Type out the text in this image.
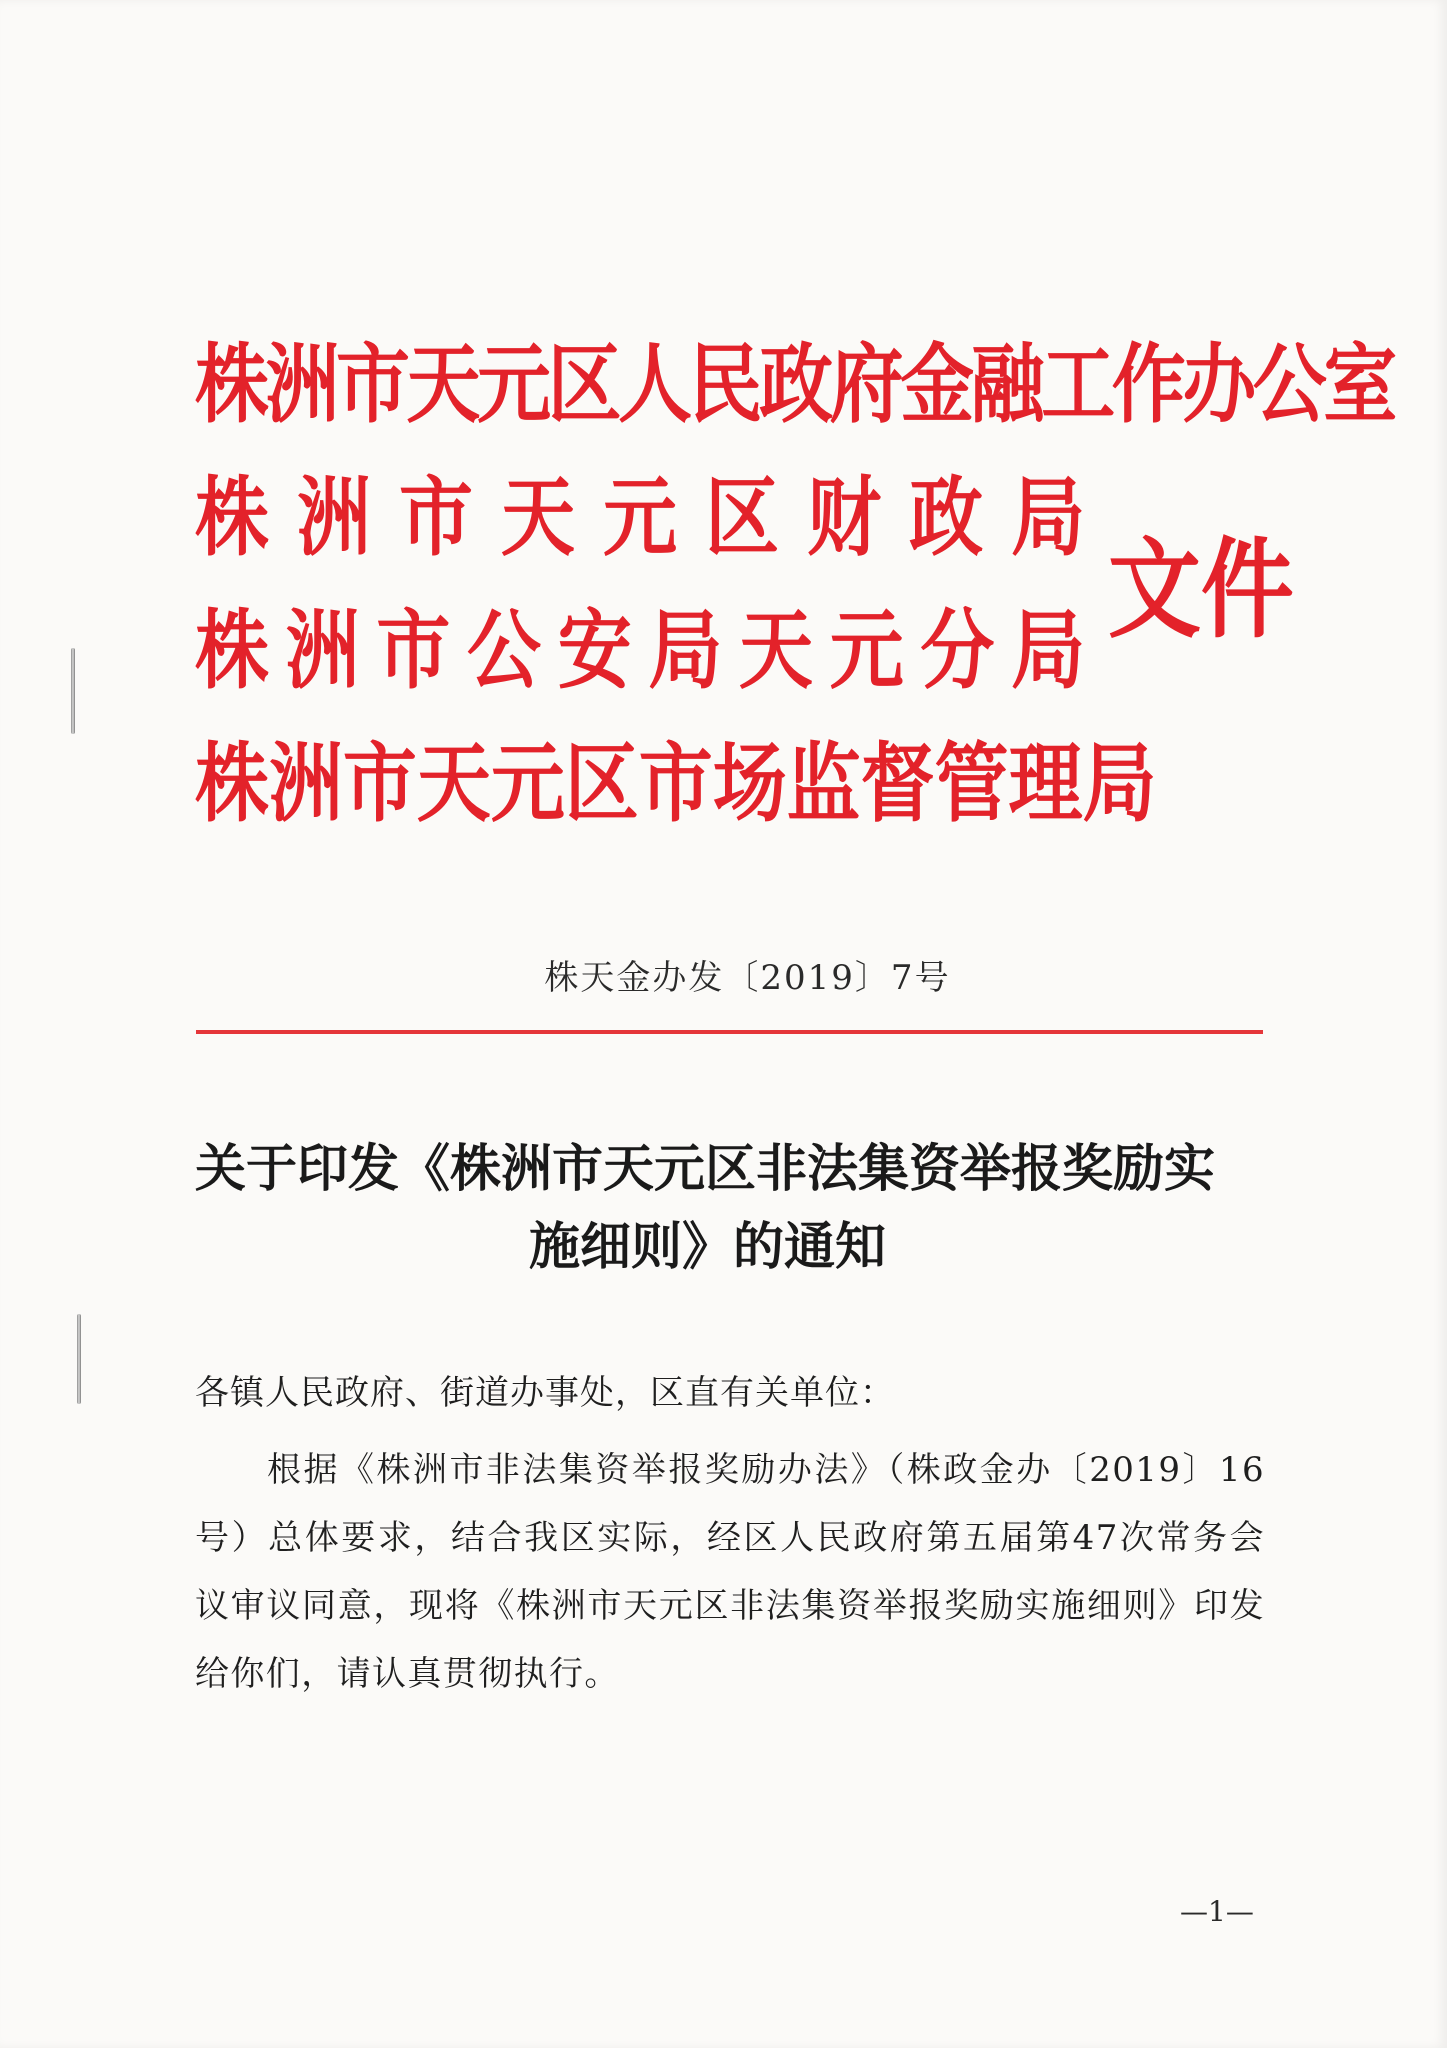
株洲市天元区人民政府金融工作办公室
株 洲 市 天 元 区 财 政 局
株 洲 市 公 安 局 天 元 分 局
株 洲 市 天 元 区 市 场 监 督 管 理 局
文件
株天金办发〔2019〕7号
关于印发《株洲市天元区非法集资举报奖励实
施细则》的通知
各镇人民政府、街道办事处，区直有关单位：
根据《株洲市非法集资举报奖励办法》（株政金办〔2019〕16号）总体要求，结合我区实际，经区人民政府第五届第47次常务会议审议同意，现将《株洲市天元区非法集资举报奖励实施细则》印发给你们，请认真贯彻执行。
—1—
